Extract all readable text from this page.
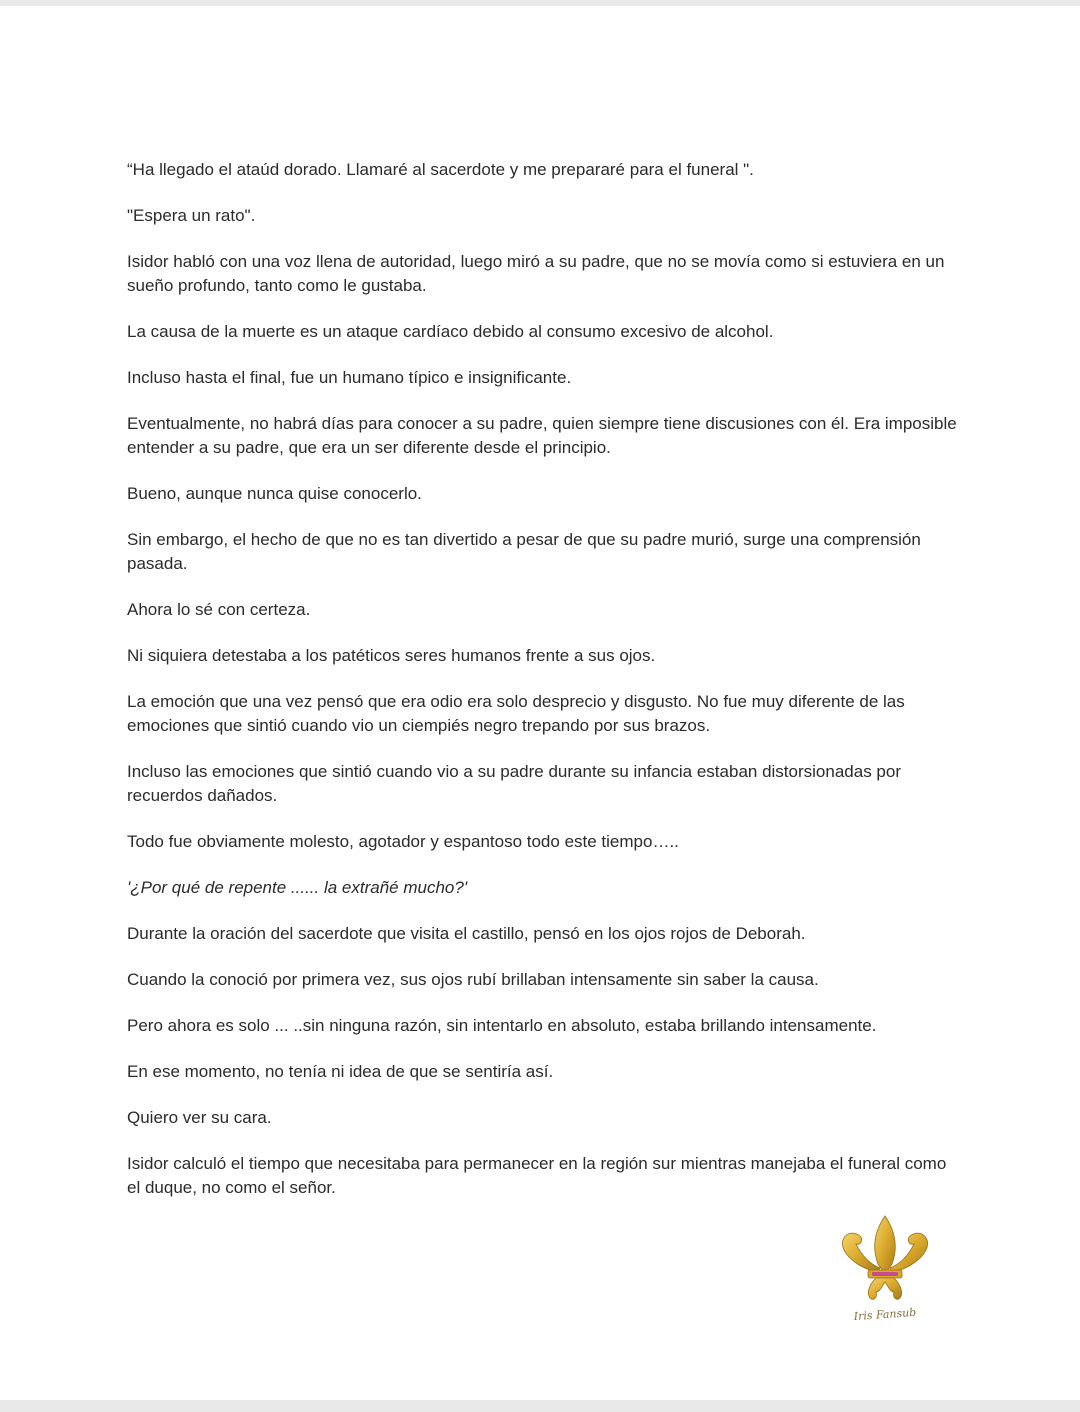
“Ha llegado el ataúd dorado. Llamaré al sacerdote y me prepararé para el funeral ".

"Espera un rato".

Isidor habló con una voz llena de autoridad, luego miró a su padre, que no se movía como si estuviera en un sueño profundo, tanto como le gustaba.

La causa de la muerte es un ataque cardíaco debido al consumo excesivo de alcohol.

Incluso hasta el final, fue un humano típico e insignificante.

Eventualmente, no habrá días para conocer a su padre, quien siempre tiene discusiones con él. Era imposible entender a su padre, que era un ser diferente desde el principio.

Bueno, aunque nunca quise conocerlo.

Sin embargo, el hecho de que no es tan divertido a pesar de que su padre murió, surge una comprensión pasada.

Ahora lo sé con certeza.

Ni siquiera detestaba a los patéticos seres humanos frente a sus ojos.

La emoción que una vez pensó que era odio era solo desprecio y disgusto. No fue muy diferente de las emociones que sintió cuando vio un ciempiés negro trepando por sus brazos.

Incluso las emociones que sintió cuando vio a su padre durante su infancia estaban distorsionadas por recuerdos dañados.

Todo fue obviamente molesto, agotador y espantoso todo este tiempo…..

'¿Por qué de repente ...... la extrañé mucho?'

Durante la oración del sacerdote que visita el castillo, pensó en los ojos rojos de Deborah.

Cuando la conoció por primera vez, sus ojos rubí brillaban intensamente sin saber la causa.

Pero ahora es solo ... ..sin ninguna razón, sin intentarlo en absoluto, estaba brillando intensamente.

En ese momento, no tenía ni idea de que se sentiría así.

Quiero ver su cara.

Isidor calculó el tiempo que necesitaba para permanecer en la región sur mientras manejaba el funeral como el duque, no como el señor.

Iris Fansub
